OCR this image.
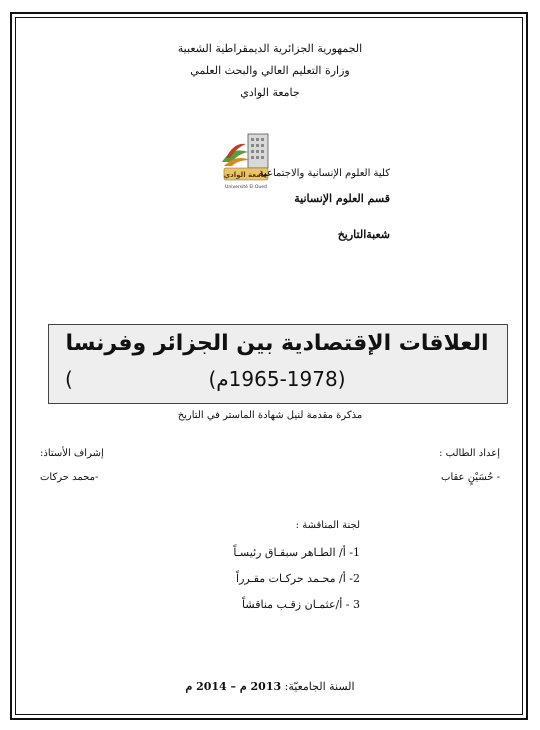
الجمهورية الجزائرية الديمقراطية الشعبية
وزارة التعليم العالي والبحث العلمي
جامعة الوادي
جامعة الوادي
Université El Oued
كلية العلوم الإنسانية والاجتماعية
قسم العلوم الإنسانية
شعبةالتاريخ
العلاقات الإقتصادية بين الجزائر وفرنسا
(1965-1978م)
(
مذكرة مقدمة لنيل شهادة الماستر في التاريخ
إعداد الطالب :
- حُسَيْنٍ عقاب
إشراف الأستاذ:
-محمد حركات
لجنة المناقشة :
1- أ/ الطـاهر سبقـاق رئيسـاً
2- أ/ محـمد حركـات مقـرراً
3 - أ/عثمـان زقـب مناقشاً
السنة الجامعيّة: 2013 م – 2014 م
